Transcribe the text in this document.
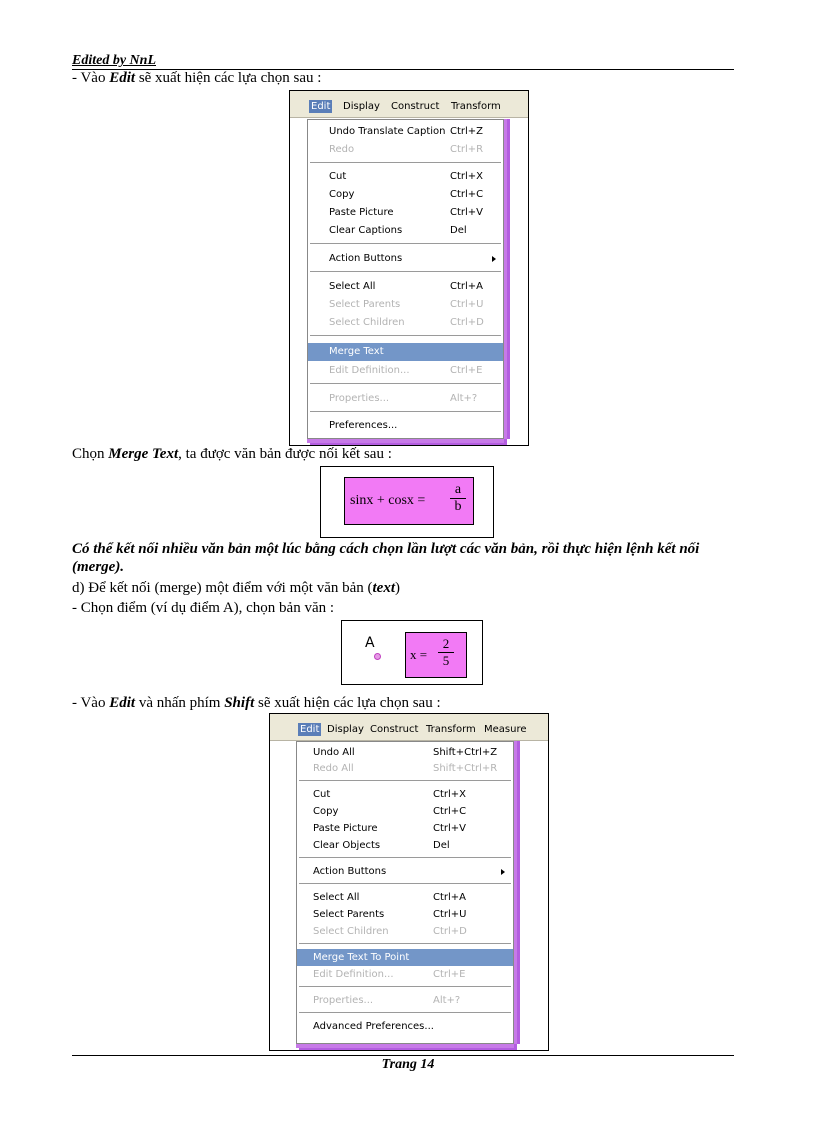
Edited by NnL
- Vào Edit sẽ xuất hiện các lựa chọn sau :
Edit Display Construct Transform
Undo Translate Caption Ctrl+Z
Redo	Ctrl+R
Cut	Ctrl+X
Copy	Ctrl+C
Paste Picture	Ctrl+V
Clear Captions	Del
Action Buttons
Select All	Ctrl+A
Select Parents	Ctrl+U
Select Children	Ctrl+D
Merge Text
Edit Definition...	Ctrl+E
Properties...	Alt+?
Preferences...
Chọn Merge Text, ta được văn bản được nối kết sau :
sinx + cosx =
a
b
Có thể kết nối nhiều văn bản một lúc bằng cách chọn lần lượt các văn bản, rồi thực hiện lệnh kết nối (merge).
d) Để kết nối (merge) một điểm với một văn bản (text)
- Chọn điểm (ví dụ điểm A), chọn bản văn :
A
x =
2
5
- Vào Edit và nhấn phím Shift sẽ xuất hiện các lựa chọn sau :
Edit Display Construct Transform Measure
Undo All	Shift+Ctrl+Z
Redo All	Shift+Ctrl+R
Cut	Ctrl+X
Copy	Ctrl+C
Paste Picture	Ctrl+V
Clear Objects	Del
Action Buttons
Select All	Ctrl+A
Select Parents	Ctrl+U
Select Children	Ctrl+D
Merge Text To Point
Edit Definition...	Ctrl+E
Properties...	Alt+?
Advanced Preferences...
Trang 14
